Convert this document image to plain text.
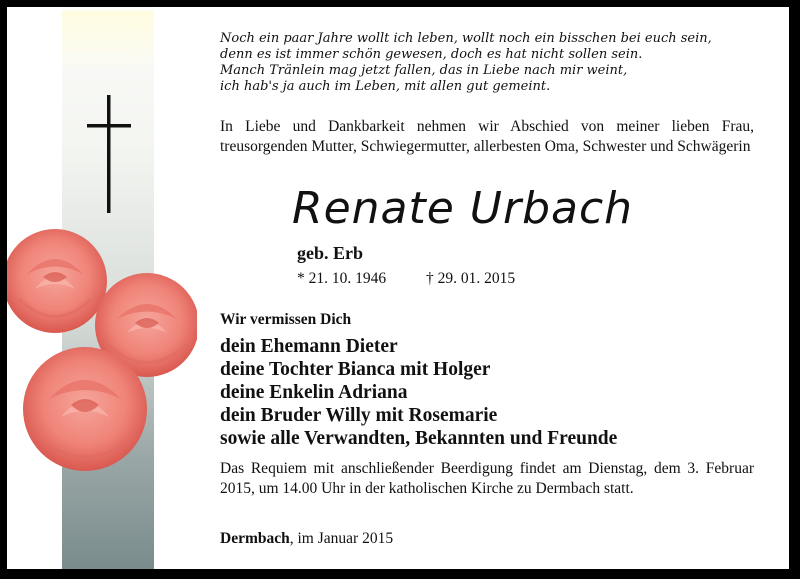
Noch ein paar Jahre wollt ich leben, wollt noch ein bisschen bei euch sein,
denn es ist immer schön gewesen, doch es hat nicht sollen sein.
Manch Tränlein mag jetzt fallen, das in Liebe nach mir weint,
ich hab's ja auch im Leben, mit allen gut gemeint.
In Liebe und Dankbarkeit nehmen wir Abschied von meiner lieben Frau, treusorgenden Mutter, Schwiegermutter, allerbesten Oma, Schwester und Schwägerin
Renate Urbach
geb. Erb
* 21. 10. 1946	† 29. 01. 2015
Wir vermissen Dich
dein Ehemann Dieter
deine Tochter Bianca mit Holger
deine Enkelin Adriana
dein Bruder Willy mit Rosemarie
sowie alle Verwandten, Bekannten und Freunde
Das Requiem mit anschließender Beerdigung findet am Dienstag, dem 3. Februar 2015, um 14.00 Uhr in der katholischen Kirche zu Dermbach statt.
Dermbach, im Januar 2015
